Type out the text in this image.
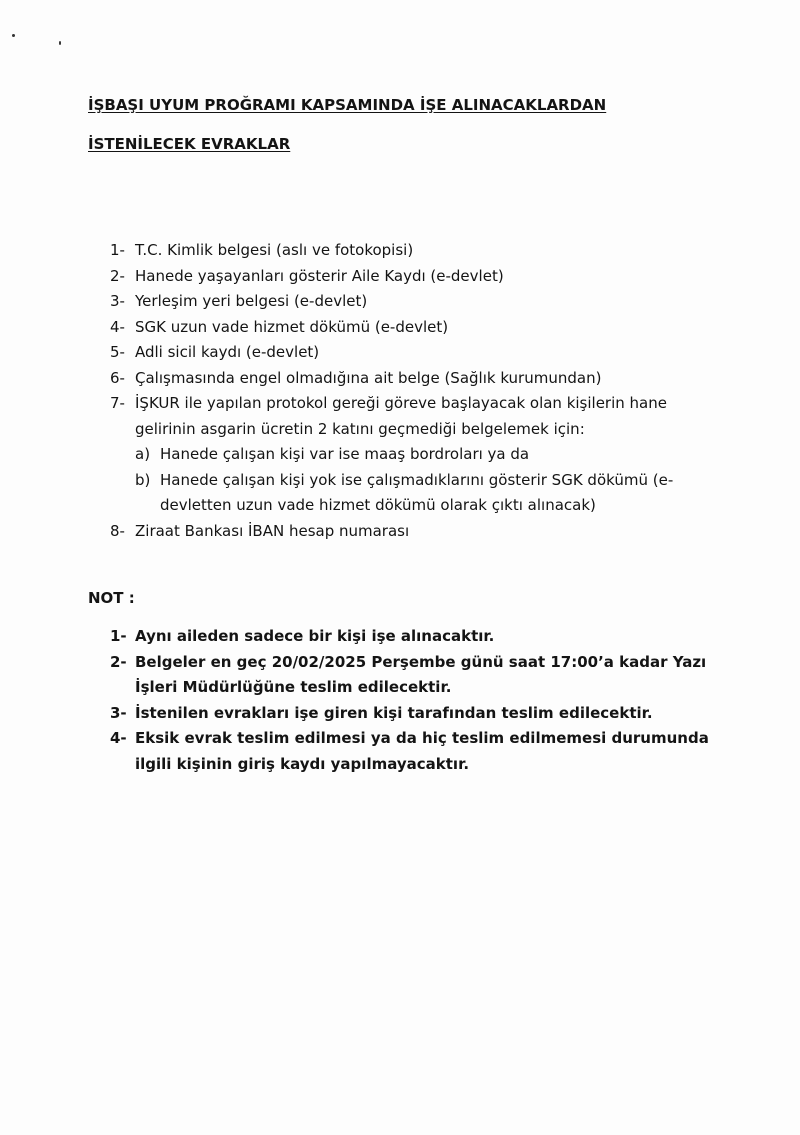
İŞBAŞI UYUM PROĞRAMI KAPSAMINDA İŞE ALINACAKLARDAN
İSTENİLECEK EVRAKLAR
1- T.C. Kimlik belgesi (aslı ve fotokopisi)
2- Hanede yaşayanları gösterir Aile Kaydı (e-devlet)
3- Yerleşim yeri belgesi (e-devlet)
4- SGK uzun vade hizmet dökümü (e-devlet)
5- Adli sicil kaydı (e-devlet)
6- Çalışmasında engel olmadığına ait belge (Sağlık kurumundan)
7- İŞKUR ile yapılan protokol gereği göreve başlayacak olan kişilerin hane gelirinin asgarin ücretin 2 katını geçmediği belgelemek için:
a) Hanede çalışan kişi var ise maaş bordroları ya da
b) Hanede çalışan kişi yok ise çalışmadıklarını gösterir SGK dökümü (e-devletten uzun vade hizmet dökümü olarak çıktı alınacak)
8- Ziraat Bankası İBAN hesap numarası
NOT :
1- Aynı aileden sadece bir kişi işe alınacaktır.
2- Belgeler en geç 20/02/2025 Perşembe günü saat 17:00’a kadar Yazı İşleri Müdürlüğüne teslim edilecektir.
3- İstenilen evrakları işe giren kişi tarafından teslim edilecektir.
4- Eksik evrak teslim edilmesi ya da hiç teslim edilmemesi durumunda ilgili kişinin giriş kaydı yapılmayacaktır.
